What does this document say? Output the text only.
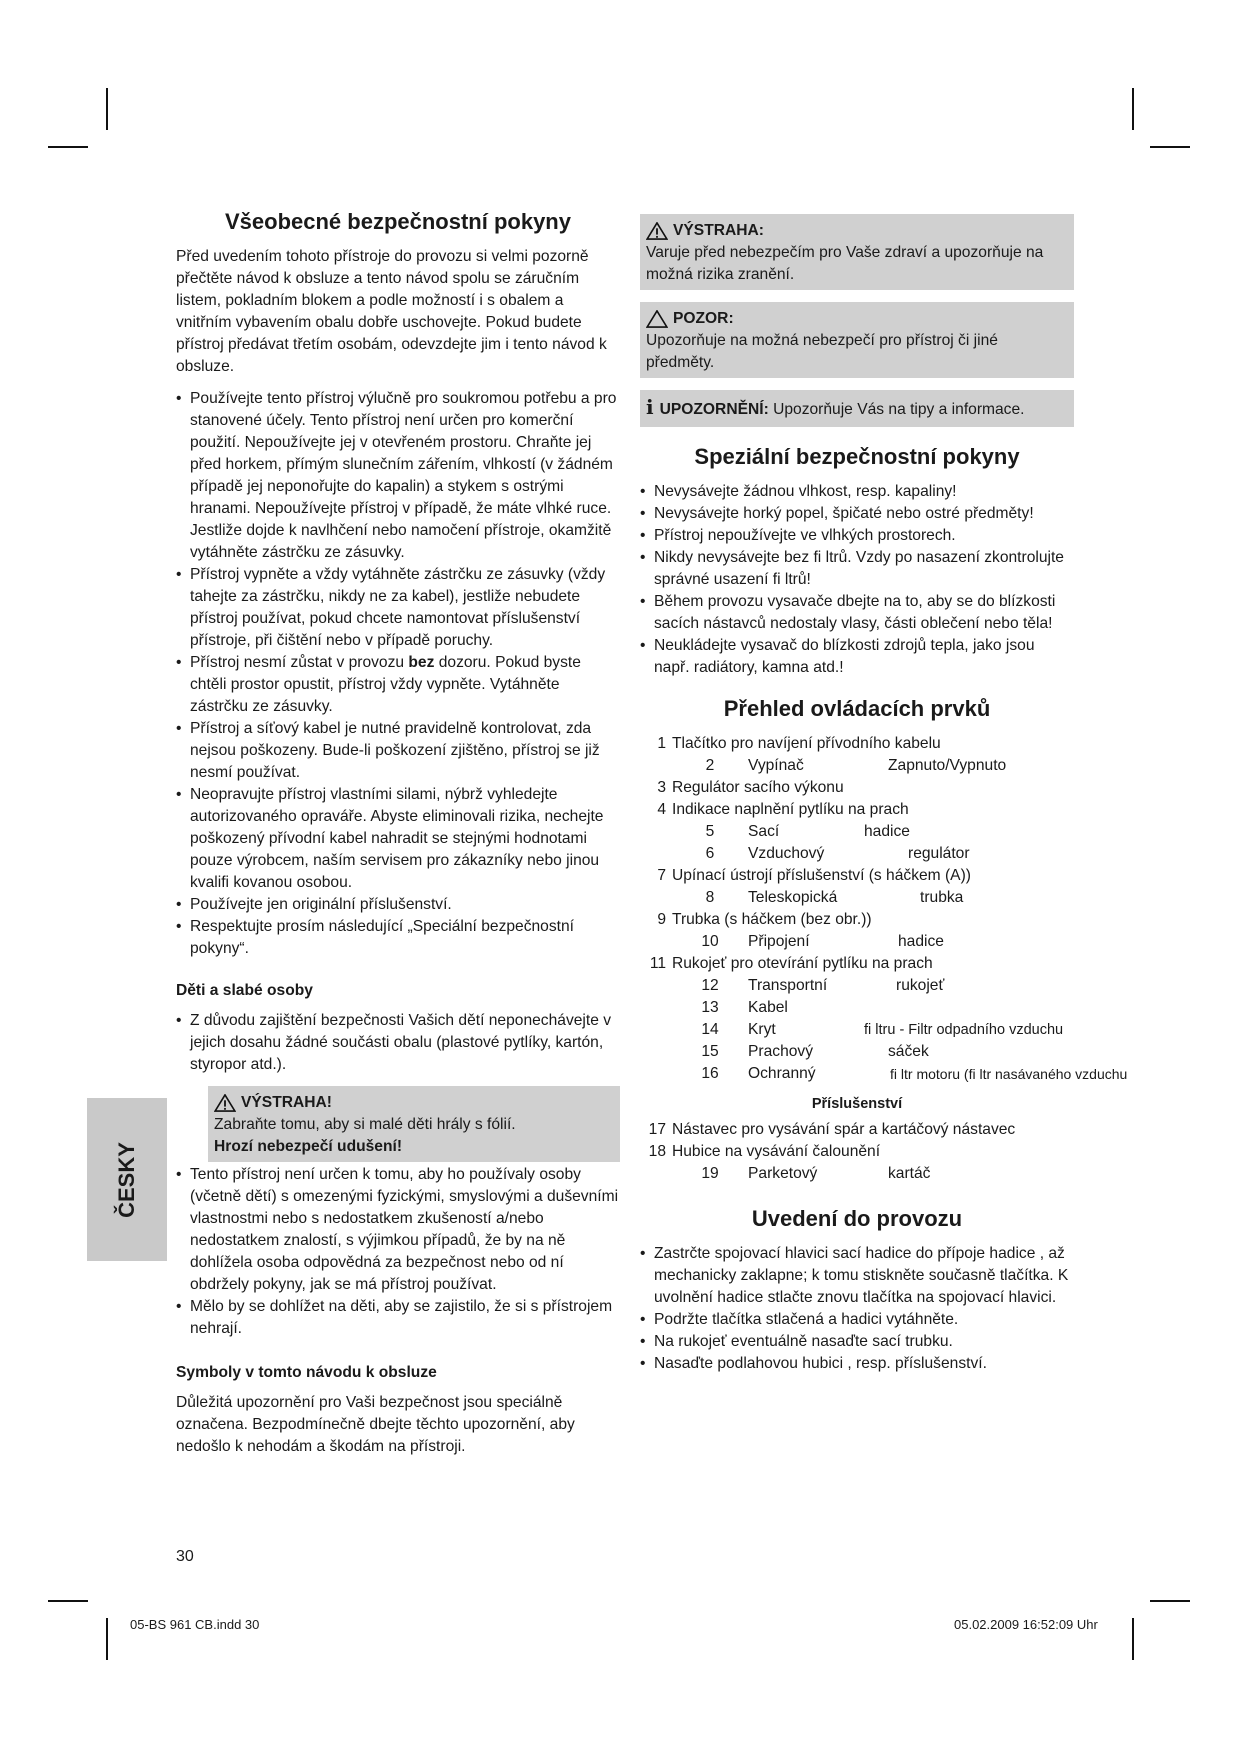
Všeobecné bezpečnostní pokyny

Před uvedením tohoto přístroje do provozu si velmi pozorně přečtěte návod k obsluze a tento návod spolu se záručním listem, pokladním blokem a podle možností i s obalem a vnitřním vybavením obalu dobře uschovejte. Pokud budete přístroj předávat třetím osobám, odevzdejte jim i tento návod k obsluze.

• Používejte tento přístroj výlučně pro soukromou potřebu a pro stanovené účely. Tento přístroj není určen pro komerční použití. Nepoužívejte jej v otevřeném prostoru. Chraňte jej před horkem, přímým slunečním zářením, vlhkostí (v žádném případě jej neponořujte do kapalin) a stykem s ostrými hranami. Nepoužívejte přístroj v případě, že máte vlhké ruce. Jestliže dojde k navlhčení nebo namočení přístroje, okamžitě vytáhněte zástrčku ze zásuvky.
• Přístroj vypněte a vždy vytáhněte zástrčku ze zásuvky (vždy tahejte za zástrčku, nikdy ne za kabel), jestliže nebudete přístroj používat, pokud chcete namontovat příslušenství přístroje, při čištění nebo v případě poruchy.
• Přístroj nesmí zůstat v provozu bez dozoru. Pokud byste chtěli prostor opustit, přístroj vždy vypněte. Vytáhněte zástrčku ze zásuvky.
• Přístroj a síťový kabel je nutné pravidelně kontrolovat, zda nejsou poškozeny. Bude-li poškození zjištěno, přístroj se již nesmí používat.
• Neopravujte přístroj vlastními silami, nýbrž vyhledejte autorizovaného opraváře. Abyste eliminovali rizika, nechejte poškozený přívodní kabel nahradit se stejnými hodnotami pouze výrobcem, naším servisem pro zákazníky nebo jinou kvalifi kovanou osobou.
• Používejte jen originální příslušenství.
• Respektujte prosím následující „Speciální bezpečnostní pokyny“.
Děti a slabé osoby
• Z důvodu zajištění bezpečnosti Vašich dětí neponechávejte v jejich dosahu žádné součásti obalu (plastové pytlíky, kartón, styropor atd.).
VÝSTRAHA!
Zabraňte tomu, aby si malé děti hrály s fólií.
Hrozí nebezpečí udušení!
• Tento přístroj není určen k tomu, aby ho používaly osoby (včetně dětí) s omezenými fyzickými, smyslovými a duševními vlastnostmi nebo s nedostatkem zkušeností a/nebo nedostatkem znalostí, s výjimkou případů, že by na ně dohlížela osoba odpovědná za bezpečnost nebo od ní obdržely pokyny, jak se má přístroj používat.
• Mělo by se dohlížet na děti, aby se zajistilo, že si s přístrojem nehrají.
Symboly v tomto návodu k obsluze

Důležitá upozornění pro Vaši bezpečnost jsou speciálně označena. Bezpodmínečně dbejte těchto upozornění, aby nedošlo k nehodám a škodám na přístroji.

VÝSTRAHA:
Varuje před nebezpečím pro Vaše zdraví a upozorňuje na možná rizika zranění.
POZOR:
Upozorňuje na možná nebezpečí pro přístroj či jiné předměty.
i UPOZORNĚNÍ: Upozorňuje Vás na tipy a informace.
Speziální bezpečnostní pokyny
• Nevysávejte žádnou vlhkost, resp. kapaliny!
• Nevysávejte horký popel, špičaté nebo ostré předměty!
• Přístroj nepoužívejte ve vlhkých prostorech.
• Nikdy nevysávejte bez fi ltrů. Vzdy po nasazení zkontrolujte správné usazení fi ltrů!
• Během provozu vysavače dbejte na to, aby se do blízkosti sacích nástavců nedostaly vlasy, části oblečení nebo těla!
• Neukládejte vysavač do blízkosti zdrojů tepla, jako jsou např. radiátory, kamna atd.!
Přehled ovládacích prvků
1 Tlačítko pro navíjení přívodního kabelu
2	Vypínač	Zapnuto/Vypnuto
3 Regulátor sacího výkonu
4 Indikace naplnění pytlíku na prach
5	Sací	hadice
6	Vzduchový	regulátor
7 Upínací ústrojí příslušenství (s háčkem (A))
8	Teleskopická	trubka
9 Trubka (s háčkem (bez obr.))
10	Připojení	hadice
11 Rukojeť pro otevírání pytlíku na prach
12	Transportní	rukojeť
13	Kabel
14	Kryt	fi ltru - Filtr odpadního vzduchu
15	Prachový	sáček
16	Ochranný	fi ltr motoru (fi ltr nasávaného vzduchu
Příslušenství
17 Nástavec pro vysávání spár a kartáčový nástavec
18 Hubice na vysávání čalounění
19	Parketový	kartáč
Uvedení do provozu
• Zastrčte spojovací hlavici sací hadice do přípoje hadice , až mechanicky zaklapne; k tomu stiskněte současně tlačítka. K uvolnění hadice stlačte znovu tlačítka na spojovací hlavici.
• Podržte tlačítka stlačená a hadici vytáhněte.
• Na rukojeť eventuálně nasaďte sací trubku.
• Nasaďte podlahovou hubici , resp. příslušenství.
ČESKY
30
05-BS 961 CB.indd 30	05.02.2009 16:52:09 Uhr
